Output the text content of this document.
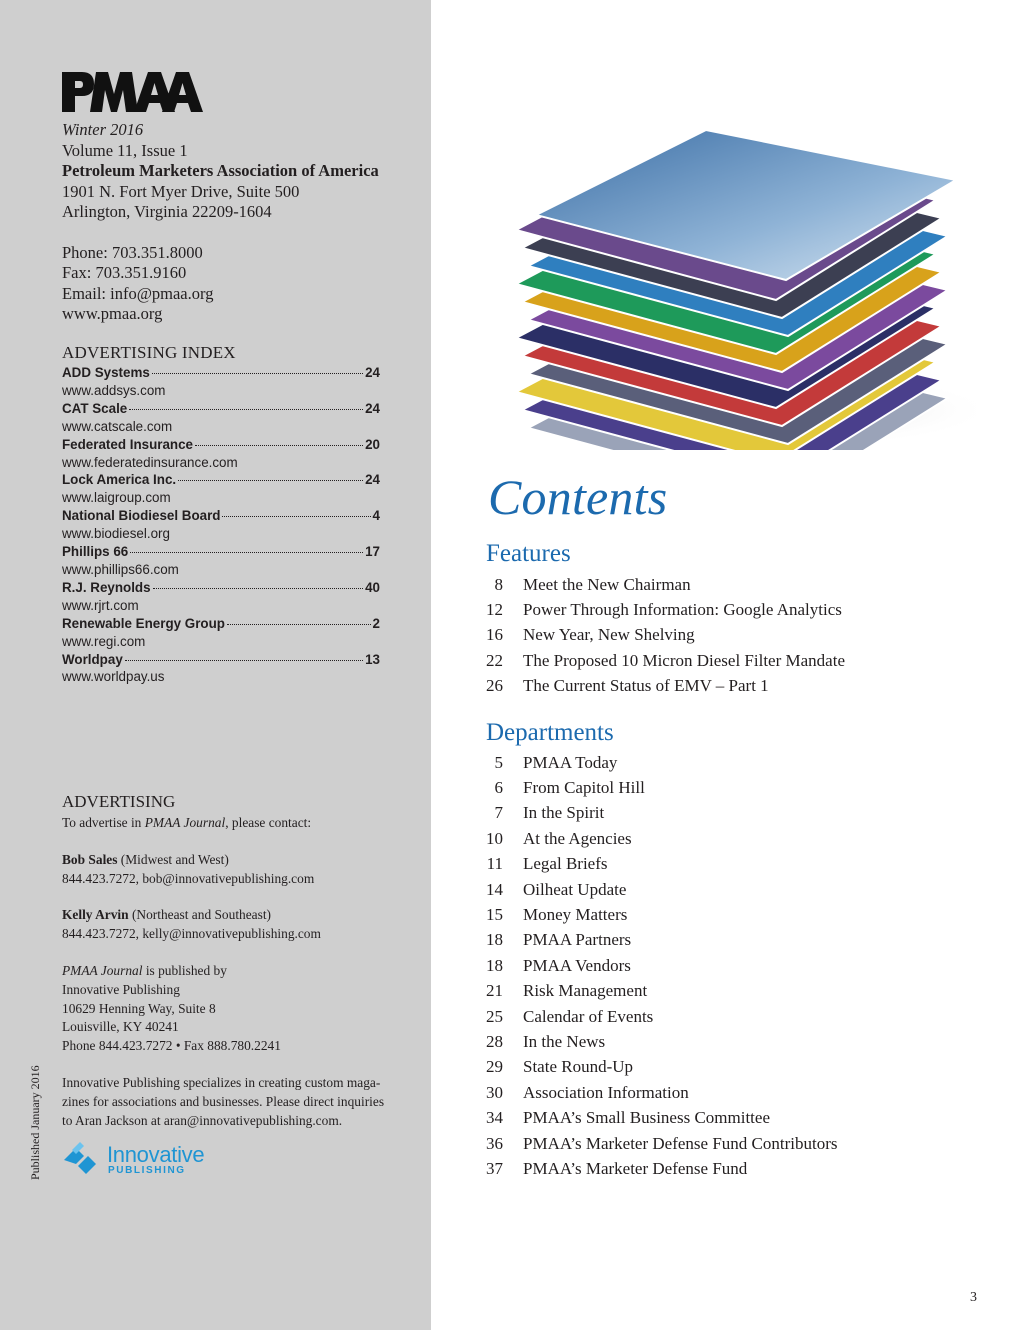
Winter 2016
Volume 11, Issue 1
Petroleum Marketers Association of America
1901 N. Fort Myer Drive, Suite 500
Arlington, Virginia 22209-1604
Phone: 703.351.8000
Fax: 703.351.9160
Email: info@pmaa.org
www.pmaa.org
ADVERTISING INDEX
ADD Systems	24
www.addsys.com
CAT Scale	24
www.catscale.com
Federated Insurance	20
www.federatedinsurance.com
Lock America Inc.	24
www.laigroup.com
National Biodiesel Board	4
www.biodiesel.org
Phillips 66	17
www.phillips66.com
R.J. Reynolds	40
www.rjrt.com
Renewable Energy Group	2
www.regi.com
Worldpay	13
www.worldpay.us
ADVERTISING
To advertise in PMAA Journal, please contact:
Bob Sales (Midwest and West)
844.423.7272, bob@innovativepublishing.com
Kelly Arvin (Northeast and Southeast)
844.423.7272, kelly@innovativepublishing.com
PMAA Journal is published by
Innovative Publishing
10629 Henning Way, Suite 8
Louisville, KY 40241
Phone 844.423.7272 • Fax 888.780.2241
Innovative Publishing specializes in creating custom maga-
zines for associations and businesses. Please direct inquiries
to Aran Jackson at aran@innovativepublishing.com.
Published January 2016	Innovative
PUBLISHING
Contents
Features
8 Meet the New Chairman
12 Power Through Information: Google Analytics
16 New Year, New Shelving
22 The Proposed 10 Micron Diesel Filter Mandate
26 The Current Status of EMV – Part 1
Departments
5 PMAA Today
6 From Capitol Hill
7 In the Spirit
10 At the Agencies
11 Legal Briefs
14 Oilheat Update
15 Money Matters
18 PMAA Partners
18 PMAA Vendors
21 Risk Management
25 Calendar of Events
28 In the News
29 State Round-Up
30 Association Information
34 PMAA’s Small Business Committee
36 PMAA’s Marketer Defense Fund Contributors
37 PMAA’s Marketer Defense Fund
3
